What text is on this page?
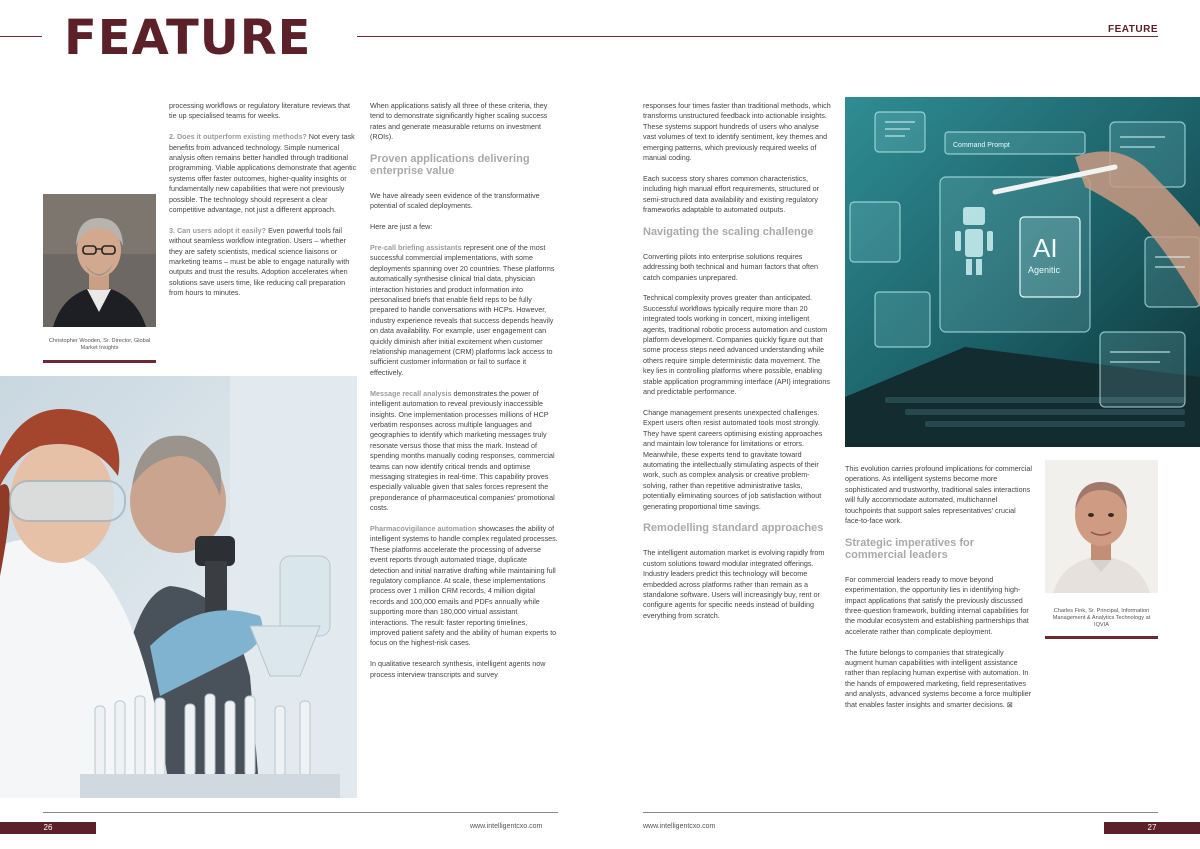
FEATURE	FEATURE
Christopher Wooden, Sr. Director, Global Market Insights

processing workflows or regulatory literature reviews that tie up specialised teams for weeks.

2. Does it outperform existing methods? Not every task benefits from advanced technology. Simple numerical analysis often remains better handled through traditional programming. Viable applications demonstrate that agentic systems offer faster outcomes, higher-quality insights or fundamentally new capabilities that were not previously possible. The technology should represent a clear competitive advantage, not just a different approach.

3. Can users adopt it easily? Even powerful tools fail without seamless workflow integration. Users – whether they are safety scientists, medical science liaisons or marketing teams – must be able to engage naturally with outputs and trust the results. Adoption accelerates when solutions save users time, like reducing call preparation from hours to minutes.

When applications satisfy all three of these criteria, they tend to demonstrate significantly higher scaling success rates and generate measurable returns on investment (ROIs).

Proven applications delivering enterprise value

We have already seen evidence of the transformative potential of scaled deployments.

Here are just a few:

Pre-call briefing assistants represent one of the most successful commercial implementations, with some deployments spanning over 20 countries. These platforms automatically synthesise clinical trial data, physician interaction histories and product information into personalised briefs that enable field reps to be fully prepared to handle conversations with HCPs. However, industry experience reveals that success depends heavily on data availability. For example, user engagement can quickly diminish after initial excitement when customer relationship management (CRM) platforms lack access to sufficient customer information or fail to surface it effectively.

Message recall analysis demonstrates the power of intelligent automation to reveal previously inaccessible insights. One implementation processes millions of HCP verbatim responses across multiple languages and geographies to identify which marketing messages truly resonate versus those that miss the mark. Instead of spending months manually coding responses, commercial teams can now identify critical trends and optimise messaging strategies in real-time. This capability proves especially valuable given that sales forces represent the preponderance of pharmaceutical companies' promotional costs.

Pharmacovigilance automation showcases the ability of intelligent systems to handle complex regulated processes. These platforms accelerate the processing of adverse event reports through automated triage, duplicate detection and initial narrative drafting while maintaining full regulatory compliance. At scale, these implementations process over 1 million CRM records, 4 million digital records and 100,000 emails and PDFs annually while supporting more than 180,000 virtual assistant interactions. The result: faster reporting timelines, improved patient safety and the ability of human experts to focus on the highest-risk cases.

In qualitative research synthesis, intelligent agents now process interview transcripts and survey

responses four times faster than traditional methods, which transforms unstructured feedback into actionable insights. These systems support hundreds of users who analyse vast volumes of text to identify sentiment, key themes and emerging patterns, which previously required weeks of manual coding.

Each success story shares common characteristics, including high manual effort requirements, structured or semi-structured data availability and existing regulatory frameworks adaptable to automated outputs.

Navigating the scaling challenge

Converting pilots into enterprise solutions requires addressing both technical and human factors that often catch companies unprepared.

Technical complexity proves greater than anticipated. Successful workflows typically require more than 20 integrated tools working in concert, mixing intelligent agents, traditional robotic process automation and custom platform development. Companies quickly figure out that some process steps need advanced understanding while others require simple deterministic data movement. The key lies in controlling platforms where possible, enabling stable application programming interface (API) integrations and predictable performance.

Change management presents unexpected challenges. Expert users often resist automated tools most strongly. They have spent careers optimising existing approaches and maintain low tolerance for limitations or errors. Meanwhile, these experts tend to gravitate toward automating the intellectually stimulating aspects of their work, such as complex analysis or creative problem-solving, rather than repetitive administrative tasks, potentially eliminating sources of job satisfaction without generating proportional time savings.

Remodelling standard approaches

The intelligent automation market is evolving rapidly from custom solutions toward modular integrated offerings. Industry leaders predict this technology will become embedded across platforms rather than remain as a standalone software. Users will increasingly buy, rent or configure agents for specific needs instead of building everything from scratch.

Command Prompt
AI
Agenitic
Charles Fink, Sr. Principal, Information Management & Analytics Technology at IQVIA

This evolution carries profound implications for commercial operations. As intelligent systems become more sophisticated and trustworthy, traditional sales interactions will fully accommodate automated, multichannel touchpoints that support sales representatives' crucial face-to-face work.

Strategic imperatives for commercial leaders

For commercial leaders ready to move beyond experimentation, the opportunity lies in identifying high-impact applications that satisfy the previously discussed three-question framework, building internal capabilities for the modular ecosystem and establishing partnerships that accelerate rather than complicate deployment.

The future belongs to companies that strategically augment human capabilities with intelligent assistance rather than replacing human expertise with automation. In the hands of empowered marketing, field representatives and analysts, advanced systems become a force multiplier that enables faster insights and smarter decisions. ⊠

26	www.intelligentcxo.com	www.intelligentcxo.com	27
